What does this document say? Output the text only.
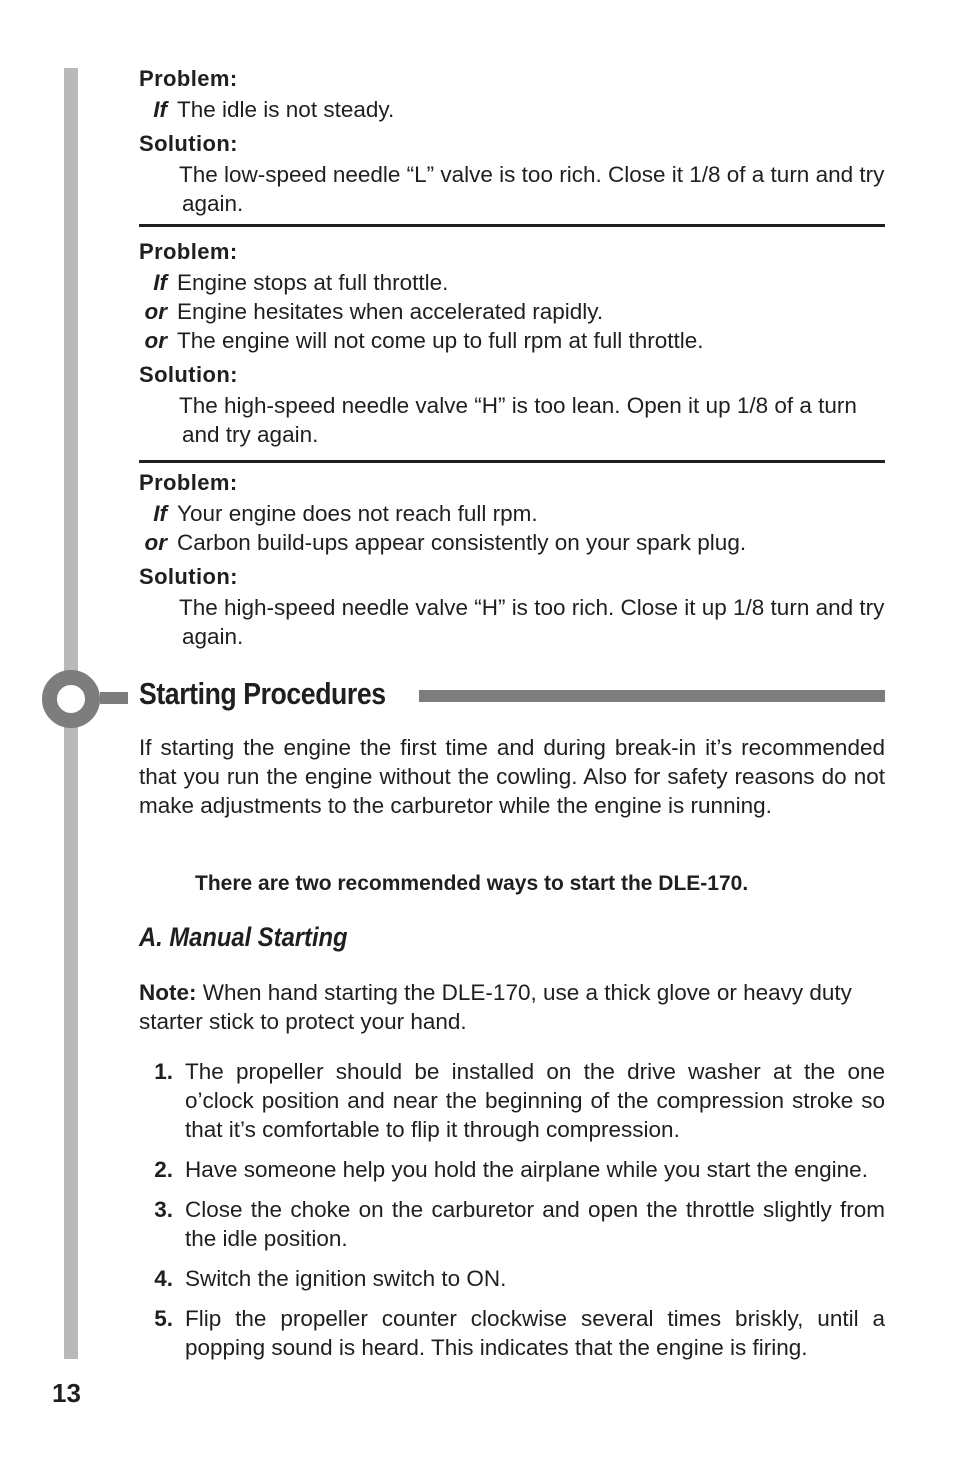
Problem:
If The idle is not steady.
Solution:
The low-speed needle “L” valve is too rich. Close it 1/8 of a turn and try again.
Problem:
If Engine stops at full throttle.
or Engine hesitates when accelerated rapidly.
or The engine will not come up to full rpm at full throttle.
Solution:
The high-speed needle valve “H” is too lean. Open it up 1/8 of a turn and try again.
Problem:
If Your engine does not reach full rpm.
or Carbon build-ups appear consistently on your spark plug.
Solution:
The high-speed needle valve “H” is too rich. Close it up 1/8 turn and try again.
Starting Procedures
If starting the engine the first time and during break-in it’s recommended that you run the engine without the cowling. Also for safety reasons do not make adjustments to the carburetor while the engine is running.
There are two recommended ways to start the DLE-170.
A. Manual Starting
Note: When hand starting the DLE-170, use a thick glove or heavy duty starter stick to protect your hand.
1. The propeller should be installed on the drive washer at the one o’clock position and near the beginning of the compression stroke so that it’s comfortable to flip it through compression.
2. Have someone help you hold the airplane while you start the engine.
3. Close the choke on the carburetor and open the throttle slightly from the idle position.
4. Switch the ignition switch to ON.
5. Flip the propeller counter clockwise several times briskly, until a popping sound is heard. This indicates that the engine is firing.
13
